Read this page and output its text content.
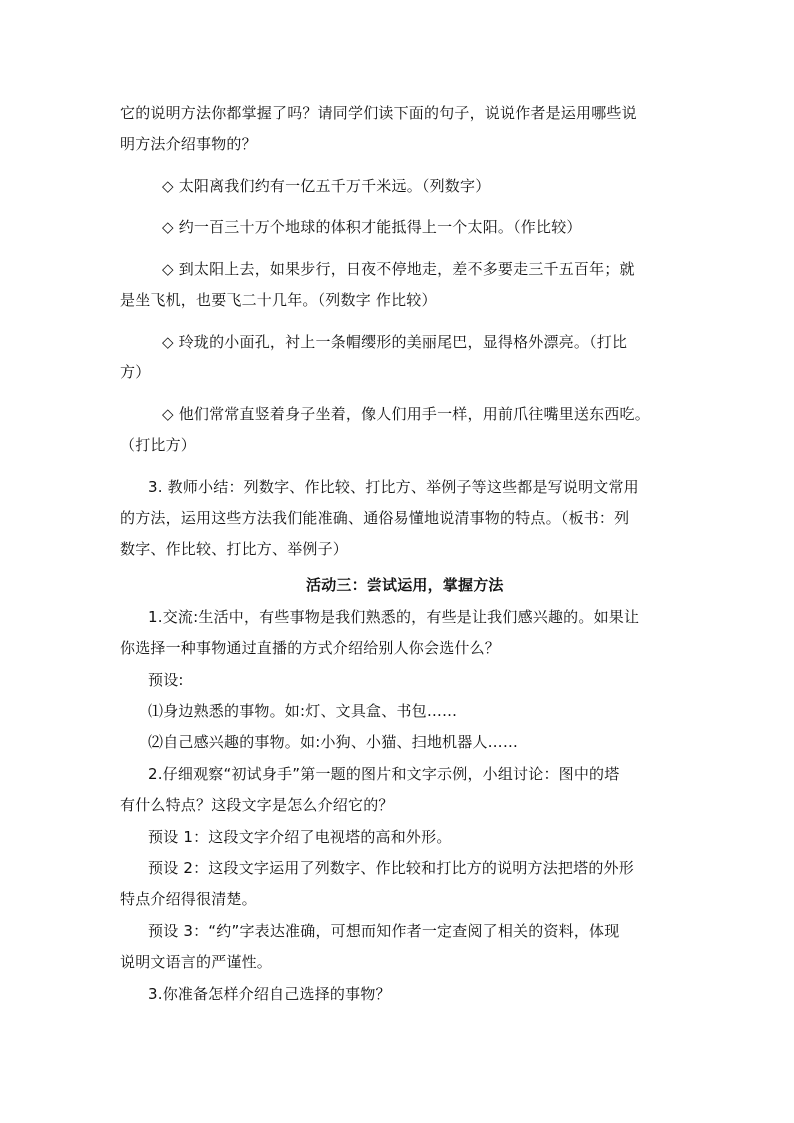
它的说明方法你都掌握了吗？请同学们读下面的句子，说说作者是运用哪些说
明方法介绍事物的？
◇ 太阳离我们约有一亿五千万千米远。（列数字）
◇ 约一百三十万个地球的体积才能抵得上一个太阳。（作比较）
◇ 到太阳上去，如果步行，日夜不停地走，差不多要走三千五百年；就
是坐飞机，也要飞二十几年。（列数字 作比较）
◇ 玲珑的小面孔，衬上一条帽缨形的美丽尾巴，显得格外漂亮。（打比
方）
◇ 他们常常直竖着身子坐着，像人们用手一样，用前爪往嘴里送东西吃。
（打比方）
3. 教师小结：列数字、作比较、打比方、举例子等这些都是写说明文常用
的方法，运用这些方法我们能准确、通俗易懂地说清事物的特点。（板书：列
数字、作比较、打比方、举例子）
活动三：尝试运用，掌握方法
1.交流:生活中，有些事物是我们熟悉的，有些是让我们感兴趣的。如果让
你选择一种事物通过直播的方式介绍给别人你会选什么？
预设:
⑴身边熟悉的事物。如:灯、文具盒、书包……
⑵自己感兴趣的事物。如:小狗、小猫、扫地机器人……
2.仔细观察“初试身手”第一题的图片和文字示例，小组讨论：图中的塔
有什么特点？这段文字是怎么介绍它的？
预设 1：这段文字介绍了电视塔的高和外形。
预设 2：这段文字运用了列数字、作比较和打比方的说明方法把塔的外形
特点介绍得很清楚。
预设 3：“约”字表达准确，可想而知作者一定查阅了相关的资料，体现
说明文语言的严谨性。
3.你准备怎样介绍自己选择的事物？
